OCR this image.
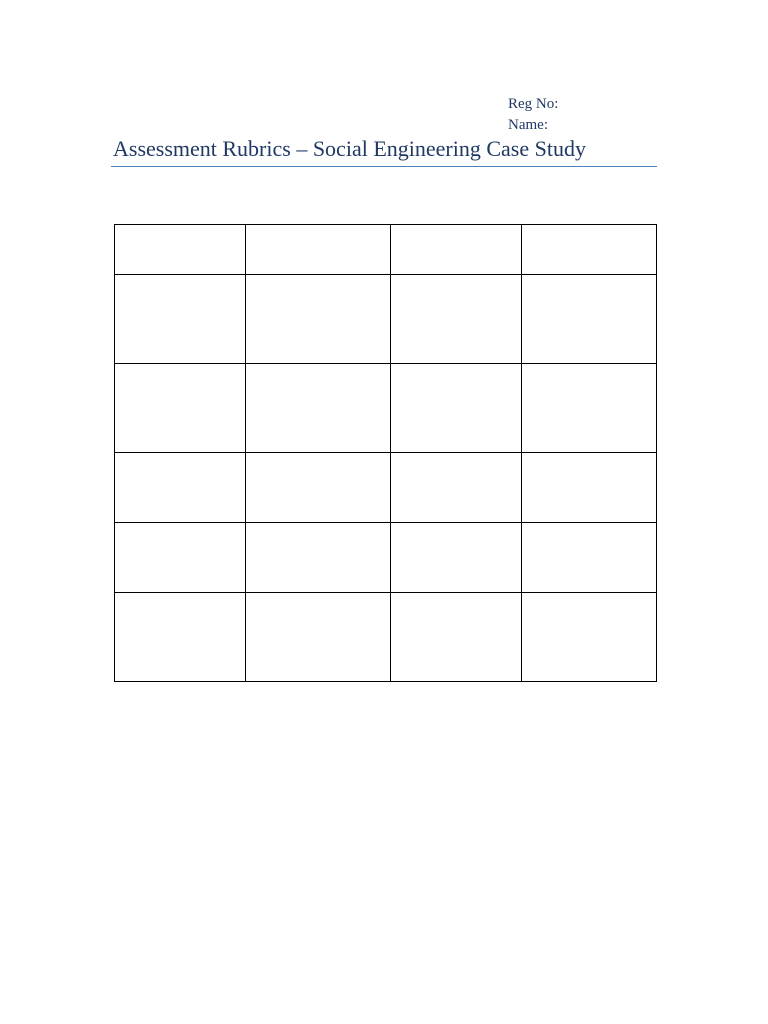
Reg No:
Name:
Assessment Rubrics – Social Engineering Case Study
